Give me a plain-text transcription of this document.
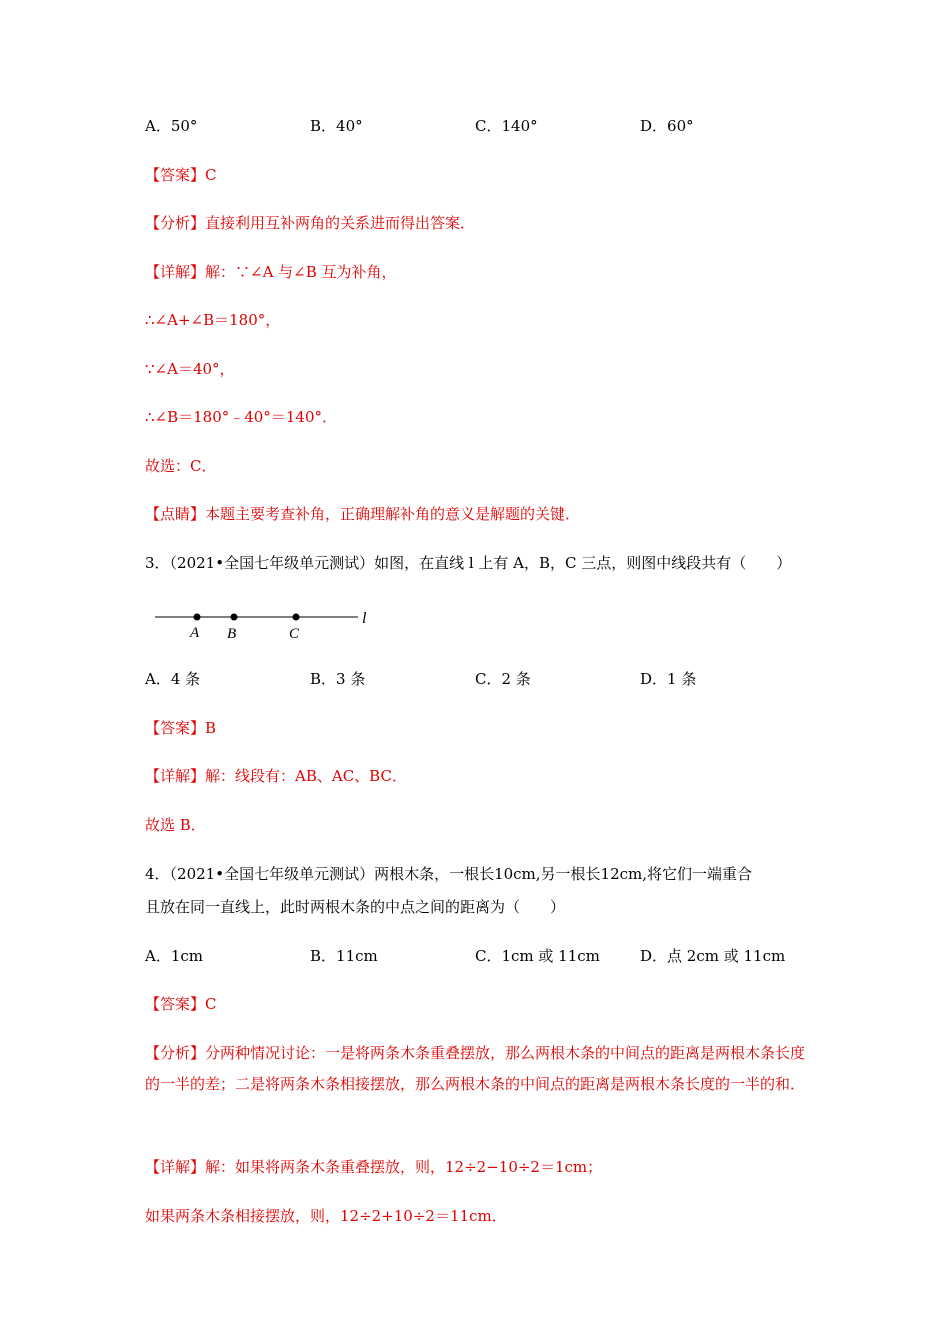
A．50°	B．40°	C．140°	D．60°
【答案】C
【分析】直接利用互补两角的关系进而得出答案．
【详解】解：∵∠A 与∠B 互为补角，
∴∠A+∠B＝180°，
∵∠A＝40°，
∴∠B＝180°﹣40°＝140°．
故选：C．
【点睛】本题主要考查补角，正确理解补角的意义是解题的关键．
3．（2021•全国七年级单元测试）如图，在直线 l 上有 A，B，C 三点，则图中线段共有（　　）
A B	C
l
A．4 条	B．3 条	C．2 条	D．1 条
【答案】B
【详解】解：线段有：AB、AC、BC．
故选 B．
4．（2021•全国七年级单元测试）两根木条，一根长10cm,另一根长12cm,将它们一端重合
且放在同一直线上，此时两根木条的中点之间的距离为（　　）
A．1cm	B．11cm	C．1cm 或 11cm	D．点 2cm 或 11cm
【答案】C
【分析】分两种情况讨论：一是将两条木条重叠摆放，那么两根木条的中间点的距离是两根木条长度的一半的差；二是将两条木条相接摆放，那么两根木条的中间点的距离是两根木条长度的一半的和．
【详解】解：如果将两条木条重叠摆放，则，12÷2−10÷2＝1cm；
如果两条木条相接摆放，则，12÷2+10÷2＝11cm．
